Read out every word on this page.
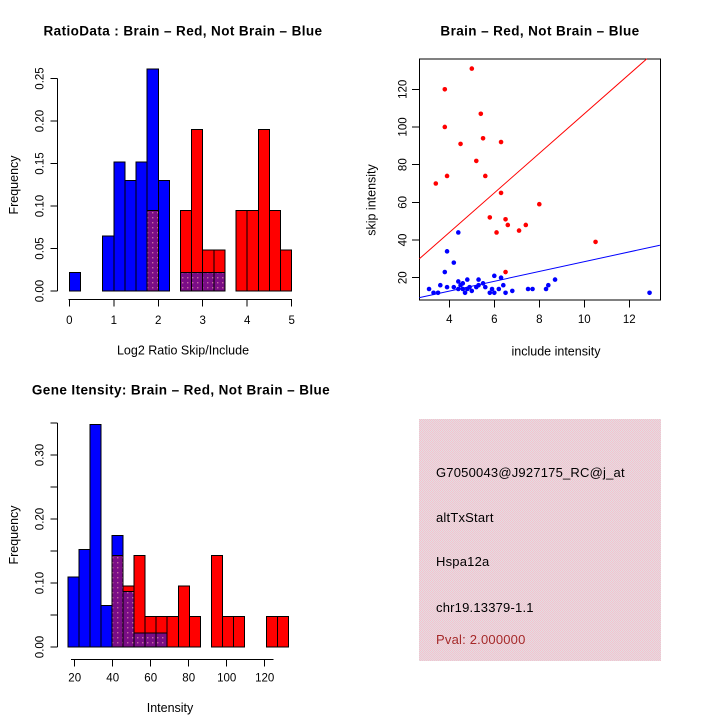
0.00
0.05
0.10
0.15
0.20
0.25
0	1	2	3	4	5
RatioData : Brain – Red, Not Brain – Blue
Log2 Ratio Skip/Include
Frequency
4	6	8	10	12
20
40
60
80
100
120
Brain – Red, Not Brain – Blue
include intensity
skip intensity
0.00
0.10
0.20
0.30
20 40 60 80 100 120
Gene Itensity: Brain – Red, Not Brain – Blue
Intensity
Frequency
G7050043@J927175_RC@j_at
altTxStart
Hspa12a
chr19.13379-1.1
Pval: 2.000000
